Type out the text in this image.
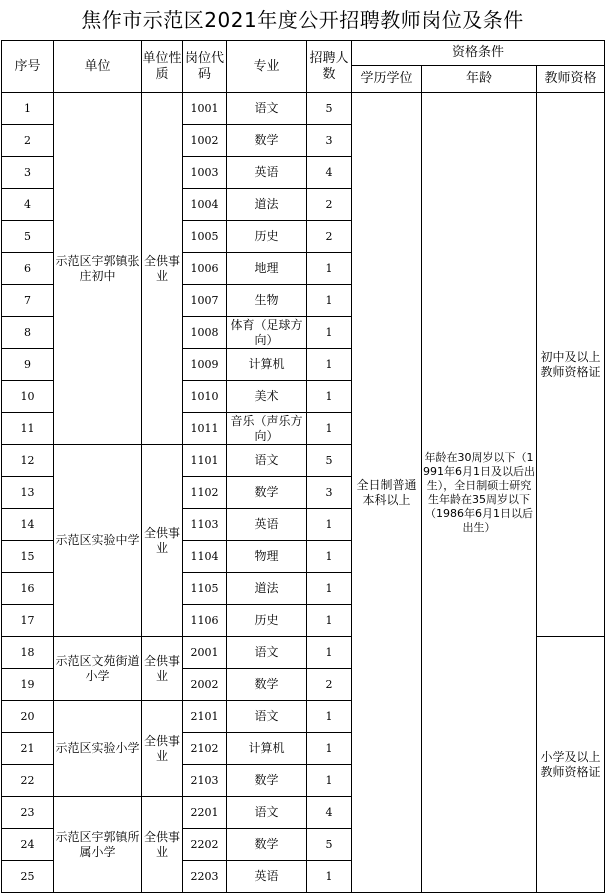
焦作市示范区2021年度公开招聘教师岗位及条件
序号	单位	单位性质	岗位代码	专业	招聘人数	资格条件		
						学历学位	年龄	教师资格
1	示范区宇郭镇张庄初中	全供事业	1001	语文	5	全日制普通本科以上	年龄在30周岁以下（1991年6月1日及以后出生），全日制硕士研究生年龄在35周岁以下（1986年6月1日以后出生）	初中及以上教师资格证
2			1002	数学	3			
3			1003	英语	4			
4			1004	道法	2			
5			1005	历史	2			
6			1006	地理	1			
7			1007	生物	1			
8			1008	体育（足球方向）	1			
9			1009	计算机	1			
10			1010	美术	1			
11			1011	音乐（声乐方向）	1			
12	示范区实验中学	全供事业	1101	语文	5			
13			1102	数学	3			
14			1103	英语	1			
15			1104	物理	1			
16			1105	道法	1			
17			1106	历史	1			
18	示范区文苑街道小学	全供事业	2001	语文	1			小学及以上教师资格证
19			2002	数学	2			
20	示范区实验小学	全供事业	2101	语文	1			
21			2102	计算机	1			
22			2103	数学	1			
23	示范区宇郭镇所属小学	全供事业	2201	语文	4			
24			2202	数学	5			
25			2203	英语	1			
